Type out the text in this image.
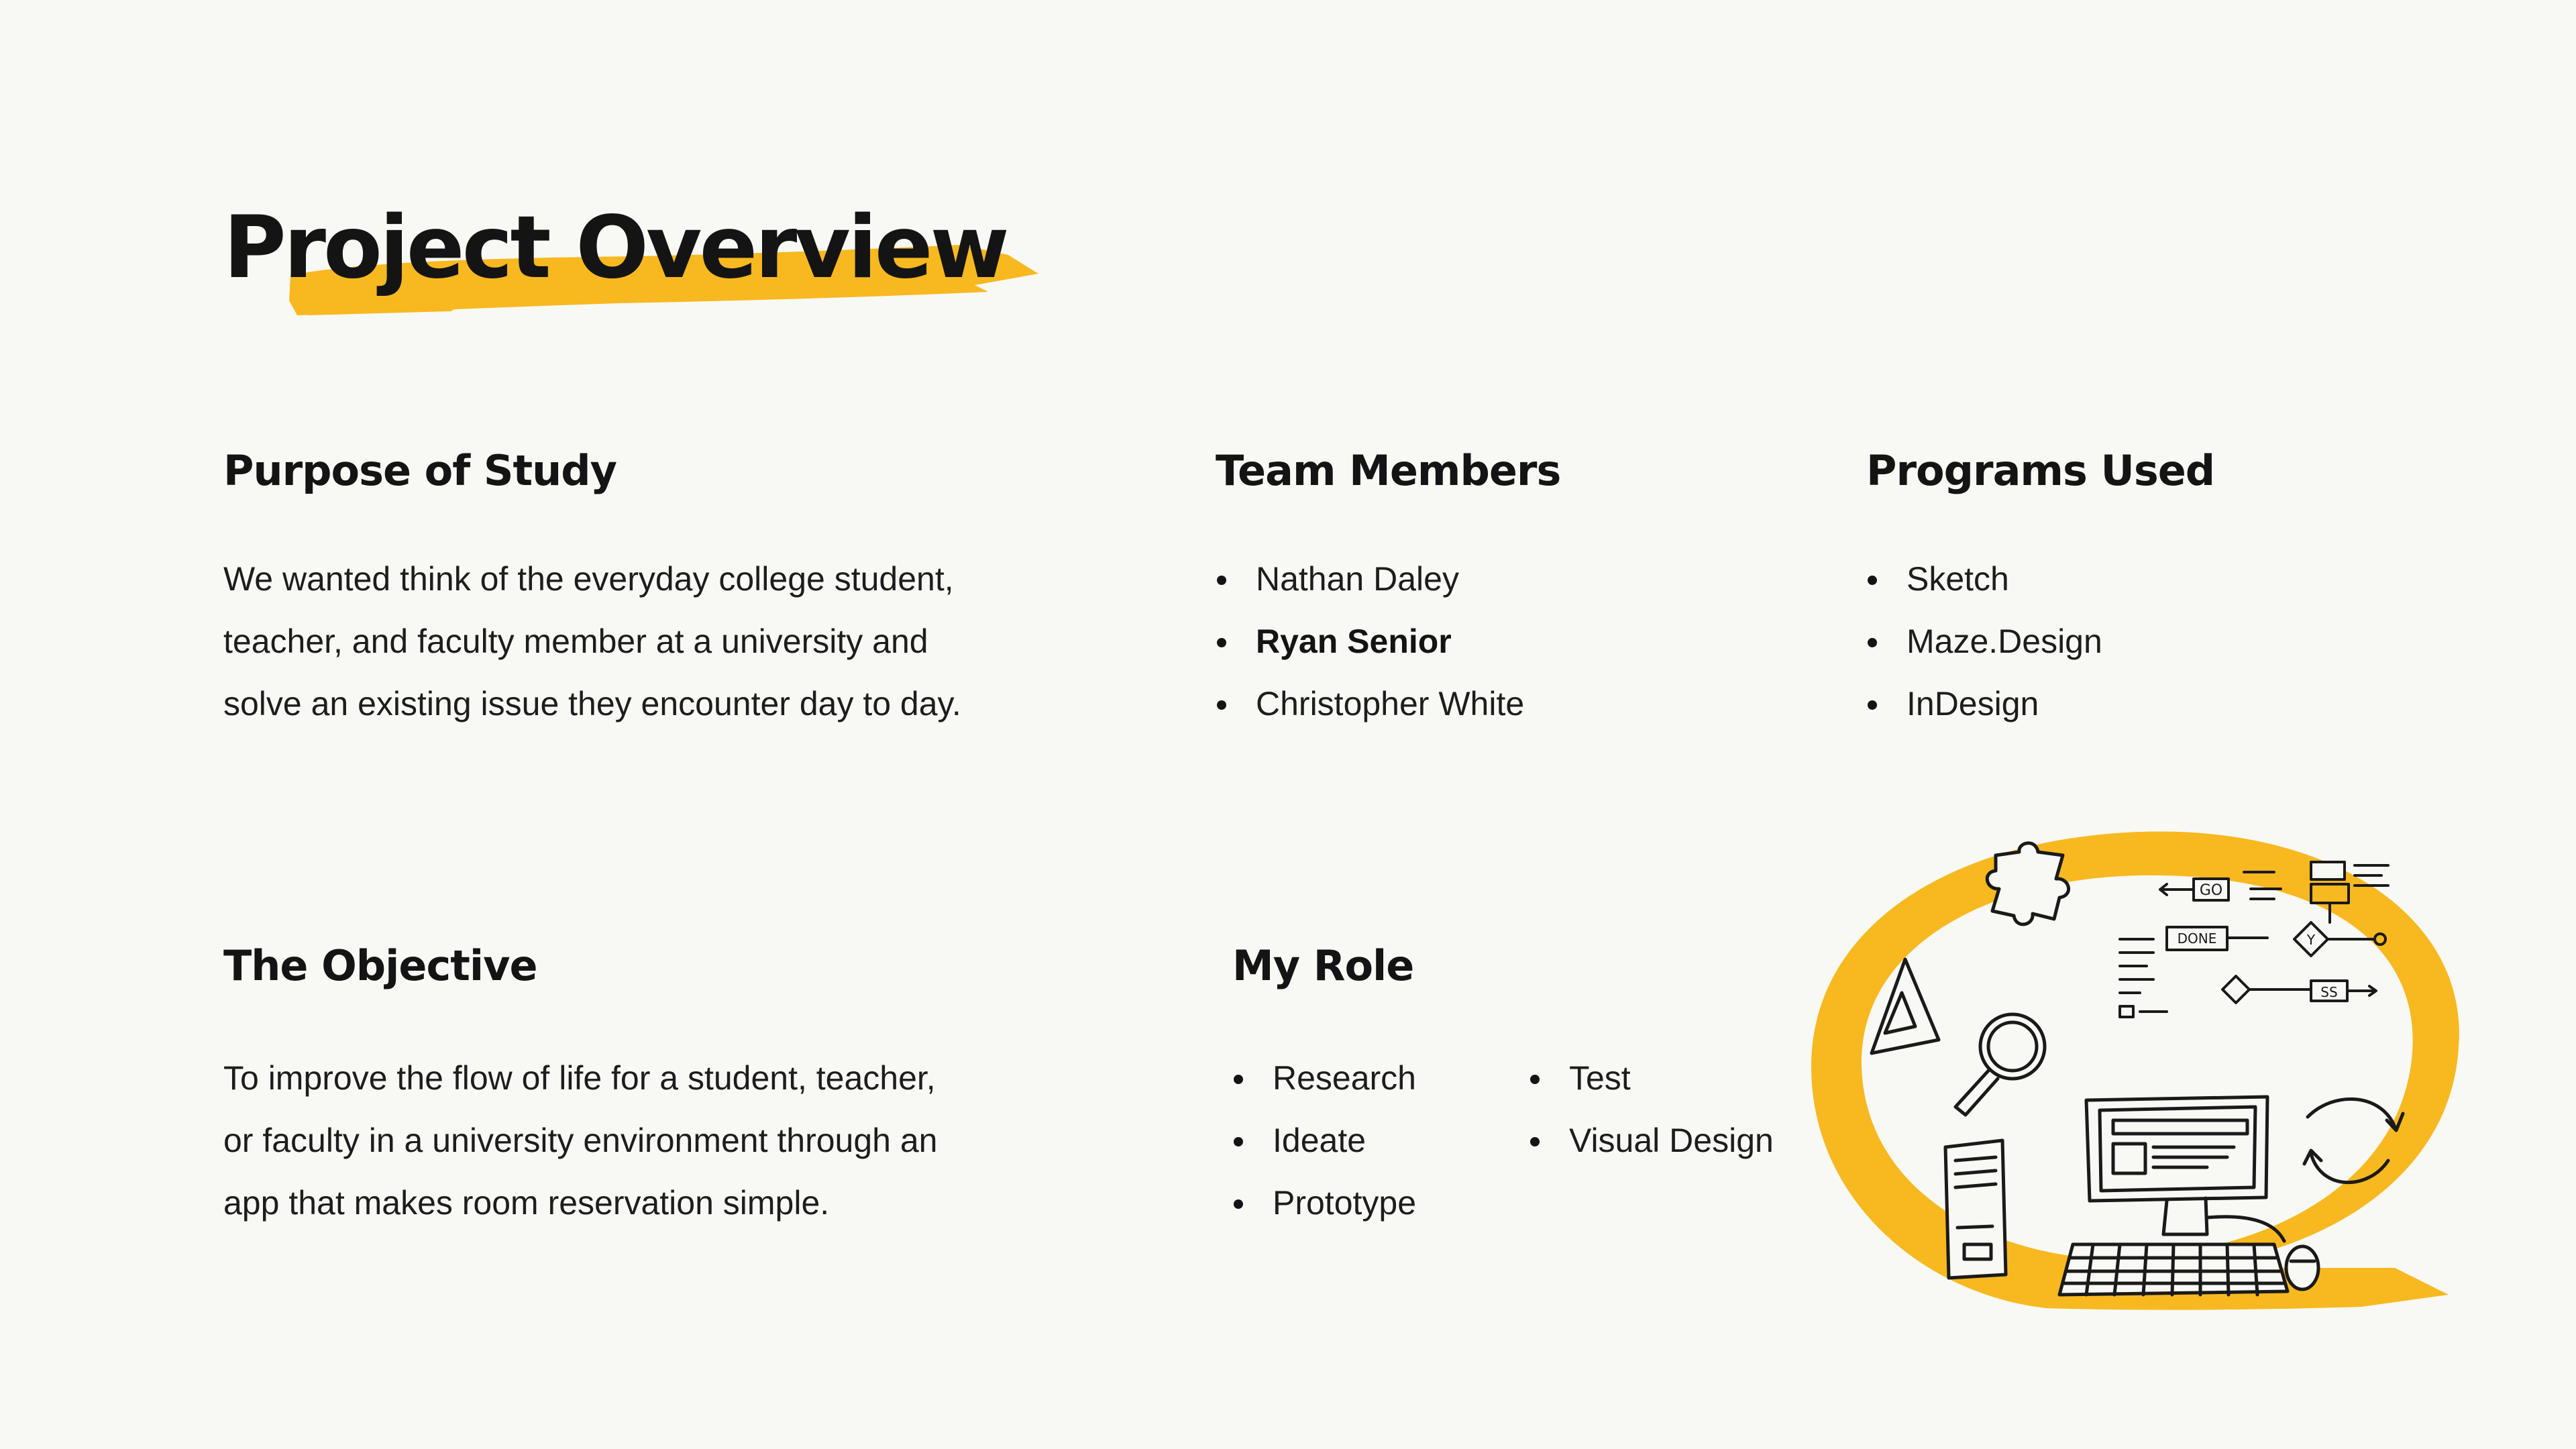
Project Overview
Purpose of Study

We wanted think of the everyday college student,

teacher, and faculty member at a university and

solve an existing issue they encounter day to day.

Team Members
Nathan Daley
Ryan Senior
Christopher White
Programs Used
Sketch
Maze.Design
InDesign
The Objective

To improve the flow of life for a student, teacher,

or faculty in a university environment through an

app that makes room reservation simple.

My Role
Research
Ideate
Prototype
Test
Visual Design
GO
DONE	Y
SS
